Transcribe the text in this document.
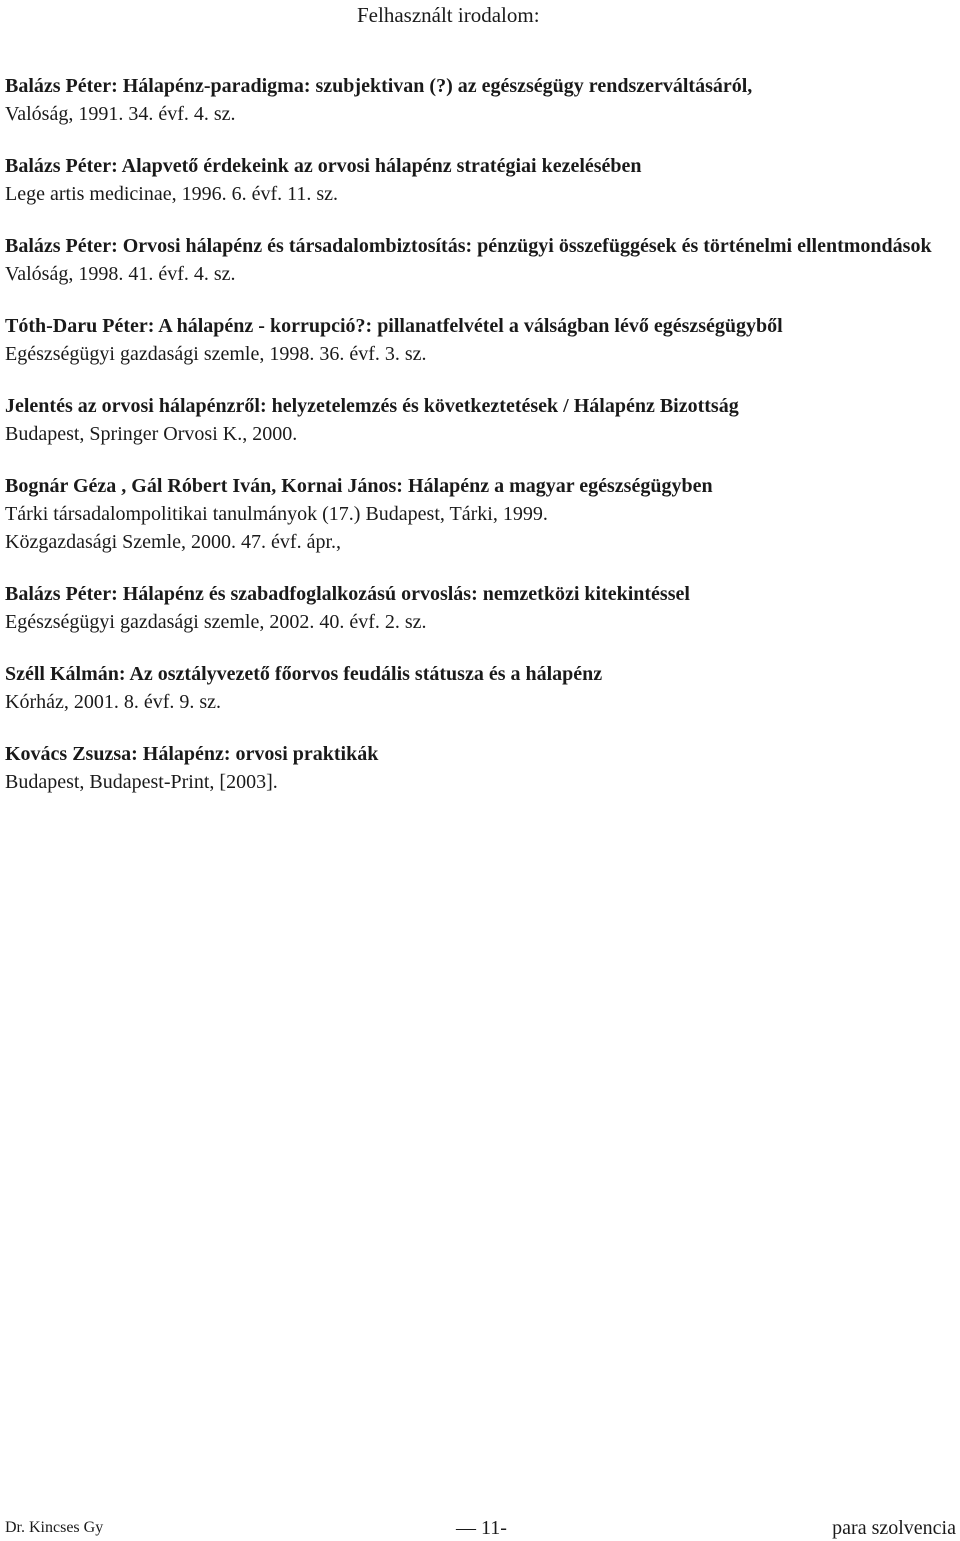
Felhasznált irodalom:
Balázs Péter: Hálapénz-paradigma: szubjektivan (?) az egészségügy rendszerváltásáról,
Valóság, 1991. 34. évf. 4. sz.
Balázs Péter: Alapvető érdekeink az orvosi hálapénz stratégiai kezelésében
Lege artis medicinae, 1996. 6. évf. 11. sz.
Balázs Péter: Orvosi hálapénz és társadalombiztosítás: pénzügyi összefüggések és történelmi ellentmondások
Valóság, 1998. 41. évf. 4. sz.
Tóth-Daru Péter: A hálapénz - korrupció?: pillanatfelvétel a válságban lévő egészségügyből
Egészségügyi gazdasági szemle, 1998. 36. évf. 3. sz.
Jelentés az orvosi hálapénzről: helyzetelemzés és következtetések / Hálapénz Bizottság
Budapest, Springer Orvosi K., 2000.
Bognár Géza , Gál Róbert Iván, Kornai János: Hálapénz a magyar egészségügyben
Tárki társadalompolitikai tanulmányok (17.) Budapest, Tárki, 1999.
Közgazdasági Szemle, 2000. 47. évf. ápr.,
Balázs Péter: Hálapénz és szabadfoglalkozású orvoslás: nemzetközi kitekintéssel
Egészségügyi gazdasági szemle, 2002. 40. évf. 2. sz.
Széll Kálmán: Az osztályvezető főorvos feudális státusza és a hálapénz
Kórház, 2001. 8. évf. 9. sz.
Kovács Zsuzsa: Hálapénz: orvosi praktikák
Budapest, Budapest-Print, [2003].
Dr. Kincses Gy	— 11-	para szolvencia
